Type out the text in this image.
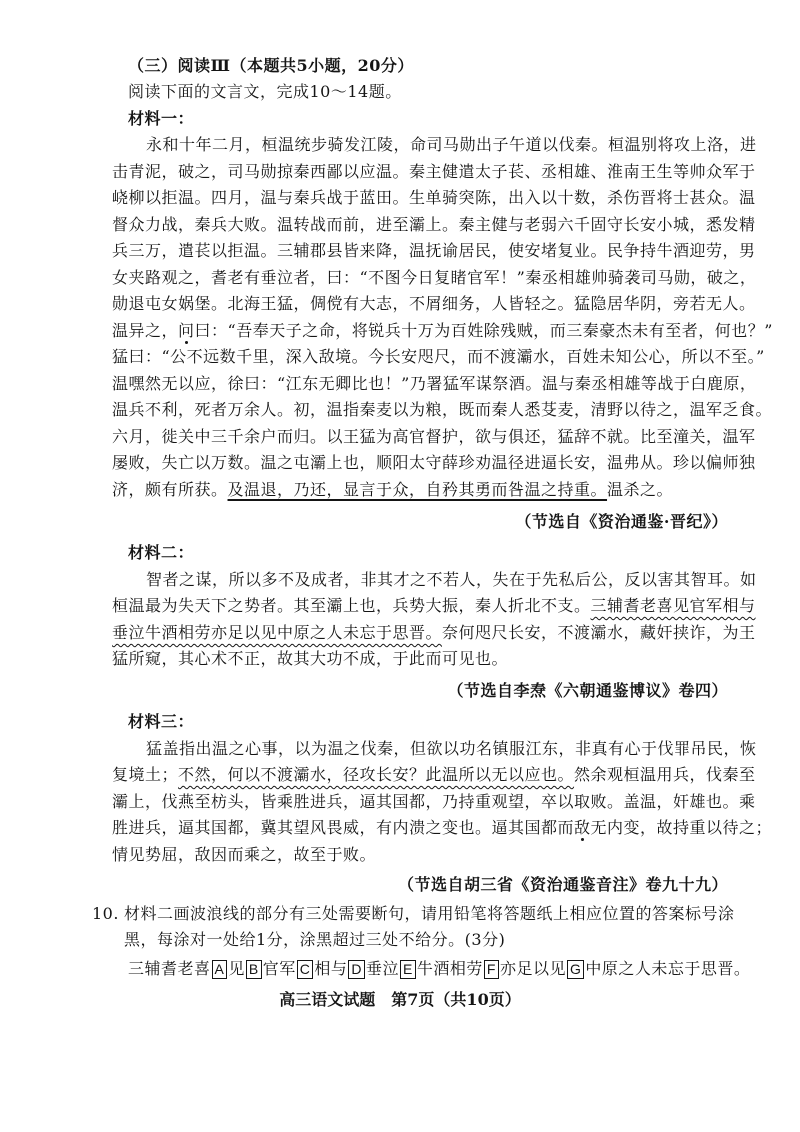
（三）阅读Ⅲ（本题共5小题，20分）
阅读下面的文言文，完成10～14题。
材料一：
永和十年二月，桓温统步骑发江陵，命司马勋出子午道以伐秦。桓温别将攻上洛，进
击青泥，破之，司马勋掠秦西鄙以应温。秦主健遣太子苌、丞相雄、淮南王生等帅众军于
峣柳以拒温。四月，温与秦兵战于蓝田。生单骑突陈，出入以十数，杀伤晋将士甚众。温
督众力战，秦兵大败。温转战而前，进至灞上。秦主健与老弱六千固守长安小城，悉发精
兵三万，遣苌以拒温。三辅郡县皆来降，温抚谕居民，使安堵复业。民争持牛酒迎劳，男
女夹路观之，耆老有垂泣者，曰：“不图今日复睹官军！”秦丞相雄帅骑袭司马勋，破之，
勋退屯女娲堡。北海王猛，倜傥有大志，不屑细务，人皆轻之。猛隐居华阴，旁若无人。
温异之，问曰：“吾奉天子之命，将锐兵十万为百姓除残贼，而三秦豪杰未有至者，何也？”
猛曰：“公不远数千里，深入敌境。今长安咫尺，而不渡灞水，百姓未知公心，所以不至。”
温嘿然无以应，徐曰：“江东无卿比也！”乃署猛军谋祭酒。温与秦丞相雄等战于白鹿原，
温兵不利，死者万余人。初，温指秦麦以为粮，既而秦人悉芟麦，清野以待之，温军乏食。
六月，徙关中三千余户而归。以王猛为高官督护，欲与俱还，猛辞不就。比至潼关，温军
屡败，失亡以万数。温之屯灞上也，顺阳太守薛珍劝温径进逼长安，温弗从。珍以偏师独
济，颇有所获。及温退，乃还，显言于众，自矜其勇而咎温之持重。温杀之。
（节选自《资治通鉴·晋纪》）
材料二：
智者之谋，所以多不及成者，非其才之不若人，失在于先私后公，反以害其智耳。如
桓温最为失天下之势者。其至灞上也，兵势大振，秦人折北不支。三辅耆老喜见官军相与
垂泣牛酒相劳亦足以见中原之人未忘于思晋。奈何咫尺长安，不渡灞水，藏奸挟诈，为王
猛所窥，其心术不正，故其大功不成，于此而可见也。
（节选自李焘《六朝通鉴博议》卷四）
材料三：
猛盖指出温之心事，以为温之伐秦，但欲以功名镇服江东，非真有心于伐罪吊民，恢
复境土；不然，何以不渡灞水，径攻长安？此温所以无以应也。然余观桓温用兵，伐秦至
灞上，伐燕至枋头，皆乘胜进兵，逼其国都，乃持重观望，卒以取败。盖温，奸雄也。乘
胜进兵，逼其国都，冀其望风畏威，有内溃之变也。逼其国都而敌无内变，故持重以待之；
情见势屈，敌因而乘之，故至于败。
（节选自胡三省《资治通鉴音注》卷九十九）
10. 材料二画波浪线的部分有三处需要断句，请用铅笔将答题纸上相应位置的答案标号涂
黑，每涂对一处给1分，涂黑超过三处不给分。(3分)
三辅耆老喜 A 见 B 官军 C 相与 D 垂泣 E 牛酒相劳 F 亦足以见 G 中原之人未忘于思晋。
高三语文试题　第7页（共10页）
